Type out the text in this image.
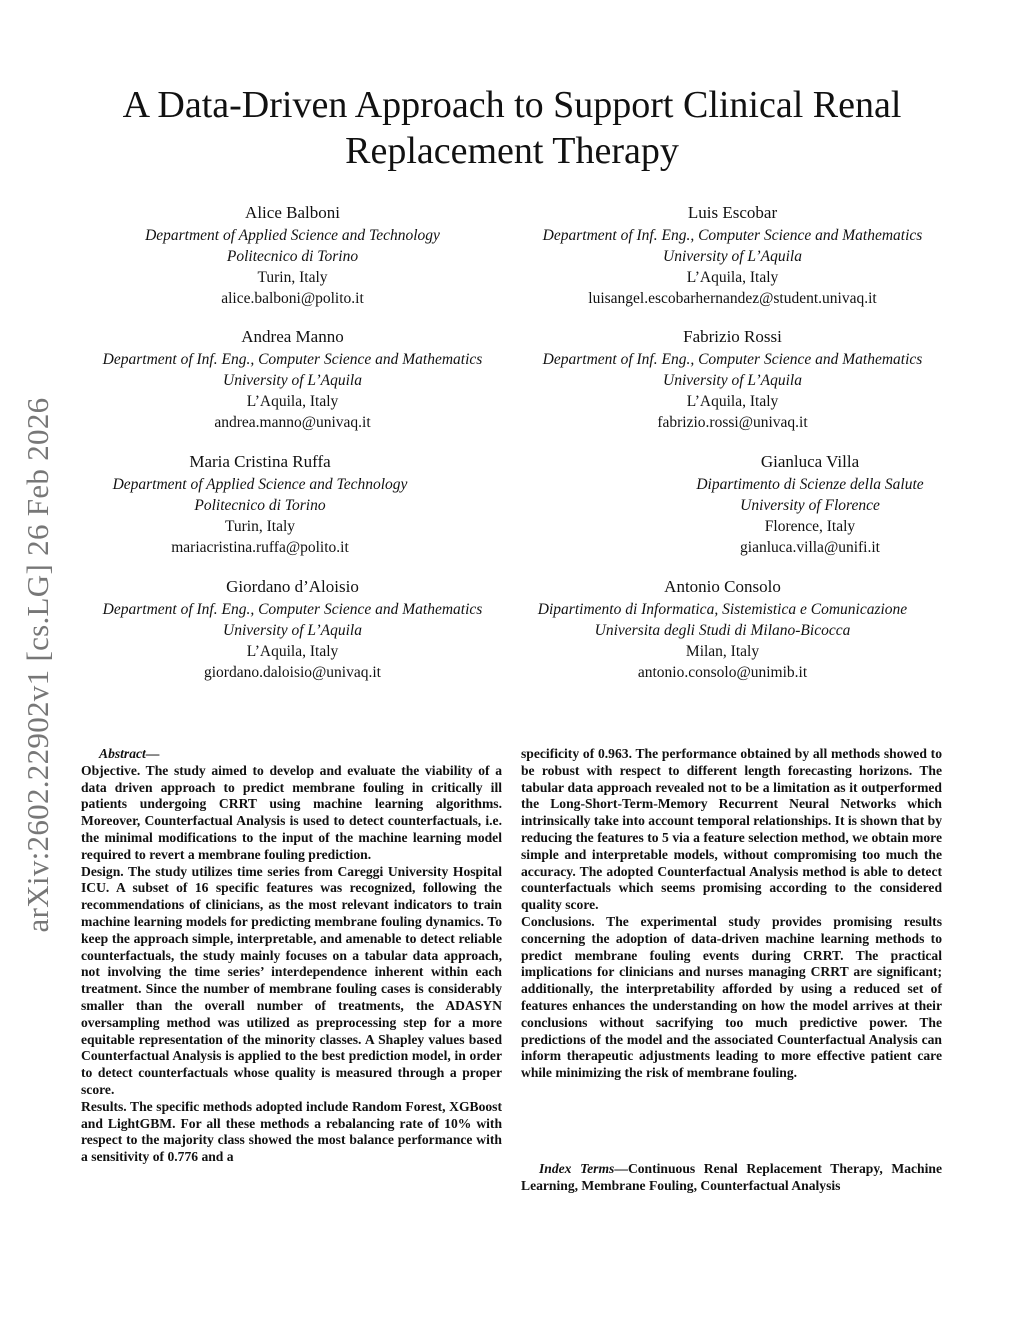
arXiv:2602.22902v1 [cs.LG] 26 Feb 2026
A Data-Driven Approach to Support Clinical Renal
Replacement Therapy
Alice Balboni
Department of Applied Science and Technology
Politecnico di Torino
Turin, Italy
alice.balboni@polito.it
Luis Escobar
Department of Inf. Eng., Computer Science and Mathematics
University of L’Aquila
L’Aquila, Italy
luisangel.escobarhernandez@student.univaq.it
Andrea Manno
Department of Inf. Eng., Computer Science and Mathematics
University of L’Aquila
L’Aquila, Italy
andrea.manno@univaq.it
Fabrizio Rossi
Department of Inf. Eng., Computer Science and Mathematics
University of L’Aquila
L’Aquila, Italy
fabrizio.rossi@univaq.it
Maria Cristina Ruffa
Department of Applied Science and Technology
Politecnico di Torino
Turin, Italy
mariacristina.ruffa@polito.it
Gianluca Villa
Dipartimento di Scienze della Salute
University of Florence
Florence, Italy
gianluca.villa@unifi.it
Giordano d’Aloisio
Department of Inf. Eng., Computer Science and Mathematics
University of L’Aquila
L’Aquila, Italy
giordano.daloisio@univaq.it
Antonio Consolo
Dipartimento di Informatica, Sistemistica e Comunicazione
Universita degli Studi di Milano-Bicocca
Milan, Italy
antonio.consolo@unimib.it

Abstract—

Objective. The study aimed to develop and evaluate the viability of a data driven approach to predict membrane fouling in critically ill patients undergoing CRRT using machine learning algorithms. Moreover, Counterfactual Analysis is used to detect counterfactuals, i.e. the minimal modifications to the input of the machine learning model required to revert a membrane fouling prediction.

Design. The study utilizes time series from Careggi University Hospital ICU. A subset of 16 specific features was recognized, following the recommendations of clinicians, as the most relevant indicators to train machine learning models for predicting membrane fouling dynamics. To keep the approach simple, interpretable, and amenable to detect reliable counterfactuals, the study mainly focuses on a tabular data approach, not involving the time series’ interdependence inherent within each treatment. Since the number of membrane fouling cases is considerably smaller than the overall number of treatments, the ADASYN oversampling method was utilized as preprocessing step for a more equitable representation of the minority classes. A Shapley values based Counterfactual Analysis is applied to the best prediction model, in order to detect counterfactuals whose quality is measured through a proper score.

Results. The specific methods adopted include Random Forest, XGBoost and LightGBM. For all these methods a rebalancing rate of 10% with respect to the majority class showed the most balance performance with a sensitivity of 0.776 and a

specificity of 0.963. The performance obtained by all methods showed to be robust with respect to different length forecasting horizons. The tabular data approach revealed not to be a limitation as it outperformed the Long-Short-Term-Memory Recurrent Neural Networks which intrinsically take into account temporal relationships. It is shown that by reducing the features to 5 via a feature selection method, we obtain more simple and interpretable models, without compromising too much the accuracy. The adopted Counterfactual Analysis method is able to detect counterfactuals which seems promising according to the considered quality score.

Conclusions. The experimental study provides promising results concerning the adoption of data-driven machine learning methods to predict membrane fouling events during CRRT. The practical implications for clinicians and nurses managing CRRT are significant; additionally, the interpretability afforded by using a reduced set of features enhances the understanding on how the model arrives at their conclusions without sacrifying too much predictive power. The predictions of the model and the associated Counterfactual Analysis can inform therapeutic adjustments leading to more effective patient care while minimizing the risk of membrane fouling.

Index Terms—Continuous Renal Replacement Therapy, Machine Learning, Membrane Fouling, Counterfactual Analysis
